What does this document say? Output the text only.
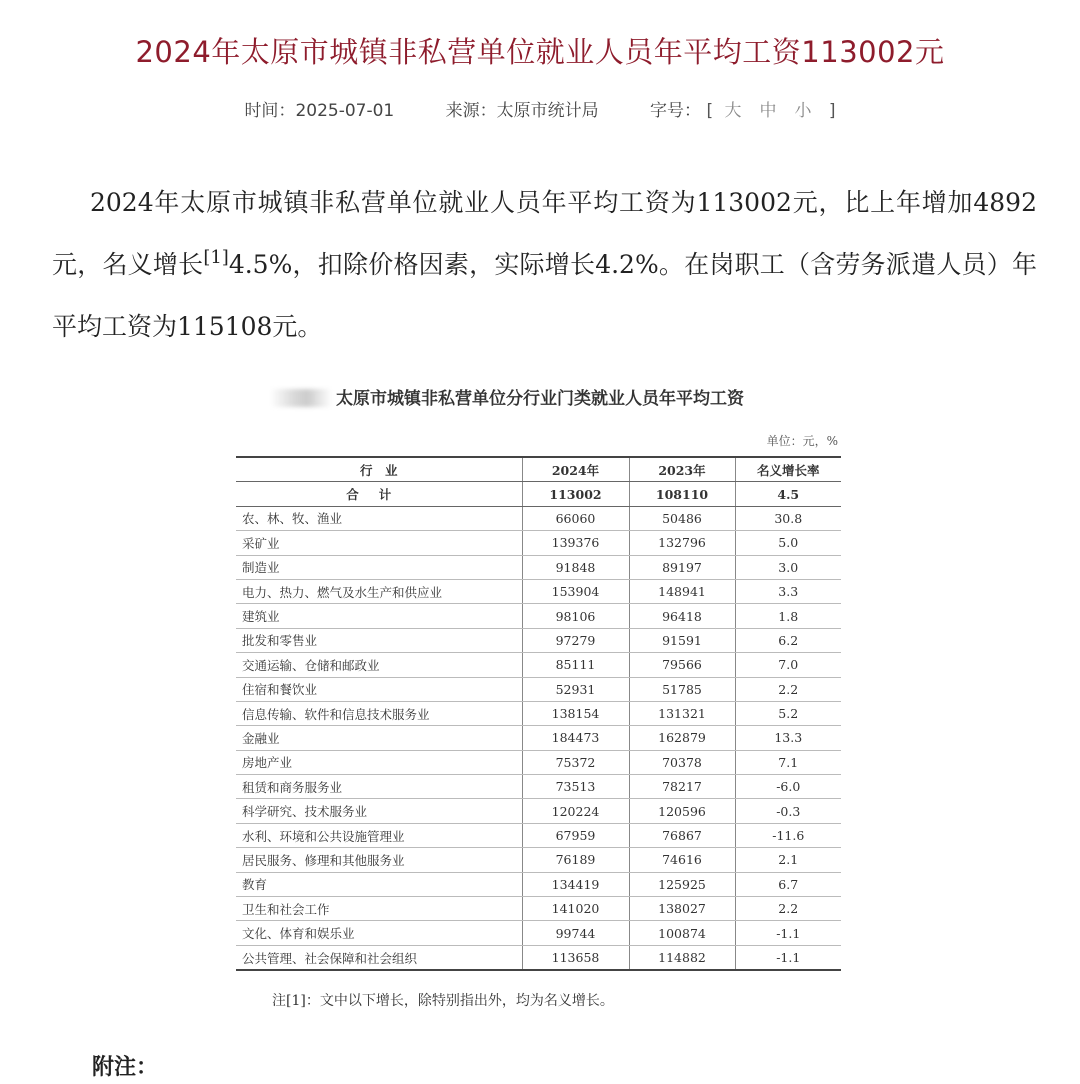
2024年太原市城镇非私营单位就业人员年平均工资113002元
时间：2025-07-01	来源：太原市统计局	字号： [ 大 中 小 ]
2024年太原市城镇非私营单位就业人员年平均工资为113002元，比上年增加4892元，名义增长[1]4.5%，扣除价格因素，实际增长4.2%。在岗职工（含劳务派遣人员）年平均工资为115108元。
太原市城镇非私营单位分行业门类就业人员年平均工资
单位：元，%
行　业	2024年	2023年	名义增长率
合计	113002	108110	4.5
农、林、牧、渔业	66060	50486	30.8
采矿业	139376	132796	5.0
制造业	91848	89197	3.0
电力、热力、燃气及水生产和供应业	153904	148941	3.3
建筑业	98106	96418	1.8
批发和零售业	97279	91591	6.2
交通运输、仓储和邮政业	85111	79566	7.0
住宿和餐饮业	52931	51785	2.2
信息传输、软件和信息技术服务业	138154	131321	5.2
金融业	184473	162879	13.3
房地产业	75372	70378	7.1
租赁和商务服务业	73513	78217	-6.0
科学研究、技术服务业	120224	120596	-0.3
水利、环境和公共设施管理业	67959	76867	-11.6
居民服务、修理和其他服务业	76189	74616	2.1
教育	134419	125925	6.7
卫生和社会工作	141020	138027	2.2
文化、体育和娱乐业	99744	100874	-1.1
公共管理、社会保障和社会组织	113658	114882	-1.1
注[1]：文中以下增长，除特别指出外，均为名义增长。
附注：
